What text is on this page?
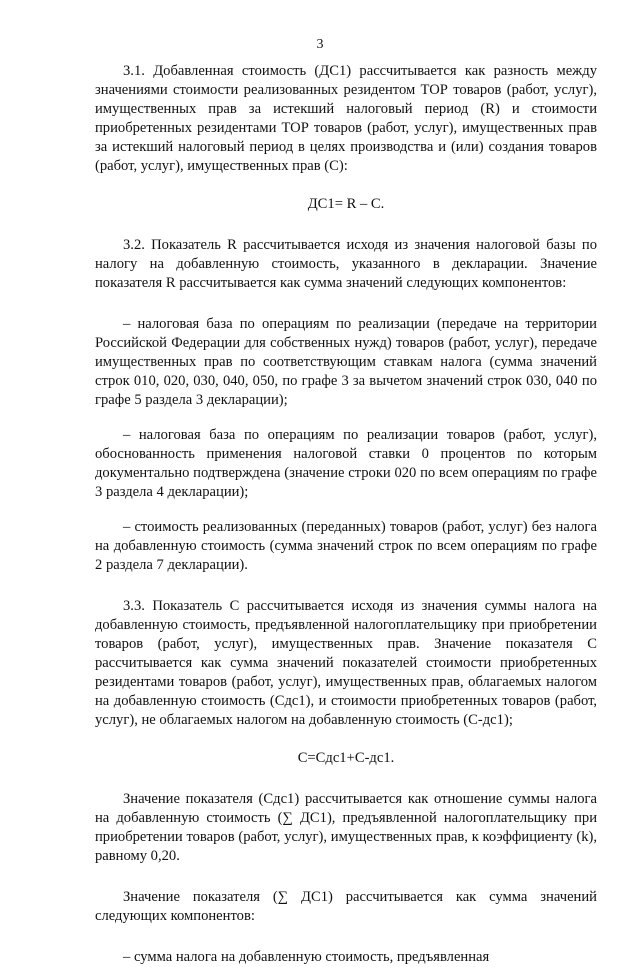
3

3.1. Добавленная стоимость (ДС1) рассчитывается как разность между значениями стоимости реализованных резидентом ТОР товаров (работ, услуг), имущественных прав за истекший налоговый период (R) и стоимости приобретенных резидентами ТОР товаров (работ, услуг), имущественных прав за истекший налоговый период в целях производства и (или) создания товаров (работ, услуг), имущественных прав (С):

ДС1= R – С.

3.2. Показатель R рассчитывается исходя из значения налоговой базы по налогу на добавленную стоимость, указанного в декларации. Значение показателя R рассчитывается как сумма значений следующих компонентов:

– налоговая база по операциям по реализации (передаче на территории Российской Федерации для собственных нужд) товаров (работ, услуг), передаче имущественных прав по соответствующим ставкам налога (сумма значений строк 010, 020, 030, 040, 050, по графе 3 за вычетом значений строк 030, 040 по графе 5 раздела 3 декларации);

– налоговая база по операциям по реализации товаров (работ, услуг), обоснованность применения налоговой ставки 0 процентов по которым документально подтверждена (значение строки 020 по всем операциям по графе 3 раздела 4 декларации);

– стоимость реализованных (переданных) товаров (работ, услуг) без налога на добавленную стоимость (сумма значений строк по всем операциям по графе 2 раздела 7 декларации).

3.3. Показатель С рассчитывается исходя из значения суммы налога на добавленную стоимость, предъявленной налогоплательщику при приобретении товаров (работ, услуг), имущественных прав. Значение показателя С рассчитывается как сумма значений показателей стоимости приобретенных резидентами товаров (работ, услуг), имущественных прав, облагаемых налогом на добавленную стоимость (Cдс1), и стоимости приобретенных товаров (работ, услуг), не облагаемых налогом на добавленную стоимость (C-дс1);

С=Сдс1+С-дс1.

Значение показателя (Сдс1) рассчитывается как отношение суммы налога на добавленную стоимость (∑ ДС1), предъявленной налогоплательщику при приобретении товаров (работ, услуг), имущественных прав, к коэффициенту (k), равному 0,20.

Значение показателя (∑ ДС1) рассчитывается как сумма значений следующих компонентов:

– сумма налога на добавленную стоимость, предъявленная
